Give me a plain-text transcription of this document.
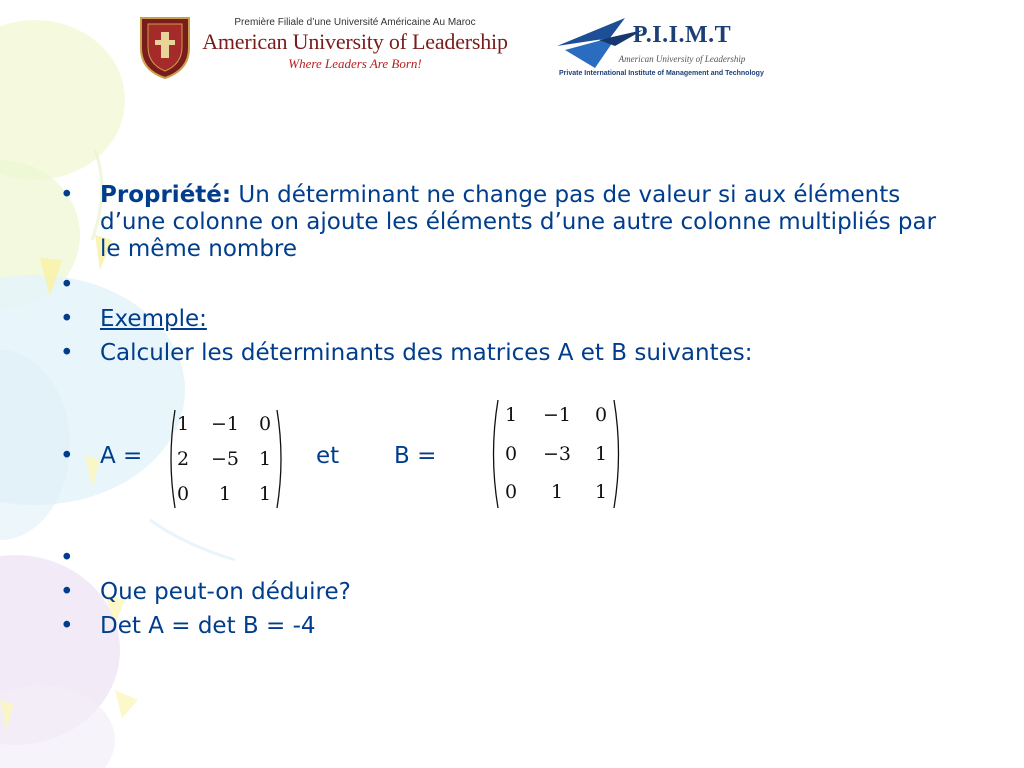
Première Filiale d’une Université Américaine Au Maroc
American University of Leadership
Where Leaders Are Born!
P.I.I.M.T
American University of Leadership
Private International Institute of Management and Technology
• Propriété: Un déterminant ne change pas de valeur si aux éléments d’une colonne on ajoute les éléments d’une autre colonne multipliés par le même nombre
•
• Exemple:
• Calculer les déterminants des matrices A et B suivantes:
• A =	et B =
1 −1 0
2 −5 1
0 1 1
1 −1 0
0 −3 1
0 1 1
•
• Que peut-on déduire?
• Det A = det B = -4
